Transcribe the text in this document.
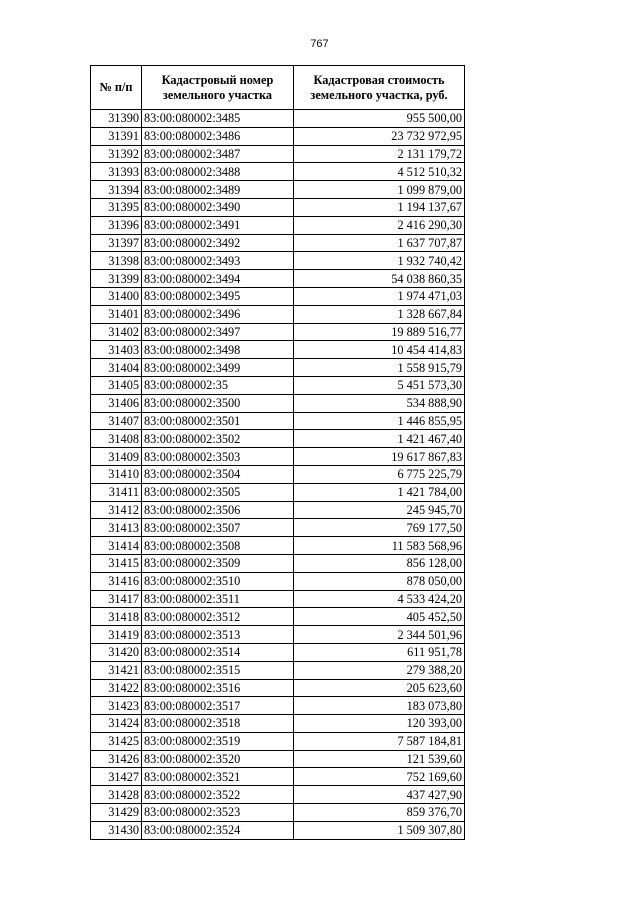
767
№ п/п	Кадастровый номер земельного участка	Кадастровая стоимость земельного участка, руб.
31390	83:00:080002:3485	955 500,00
31391	83:00:080002:3486	23 732 972,95
31392	83:00:080002:3487	2 131 179,72
31393	83:00:080002:3488	4 512 510,32
31394	83:00:080002:3489	1 099 879,00
31395	83:00:080002:3490	1 194 137,67
31396	83:00:080002:3491	2 416 290,30
31397	83:00:080002:3492	1 637 707,87
31398	83:00:080002:3493	1 932 740,42
31399	83:00:080002:3494	54 038 860,35
31400	83:00:080002:3495	1 974 471,03
31401	83:00:080002:3496	1 328 667,84
31402	83:00:080002:3497	19 889 516,77
31403	83:00:080002:3498	10 454 414,83
31404	83:00:080002:3499	1 558 915,79
31405	83:00:080002:35	5 451 573,30
31406	83:00:080002:3500	534 888,90
31407	83:00:080002:3501	1 446 855,95
31408	83:00:080002:3502	1 421 467,40
31409	83:00:080002:3503	19 617 867,83
31410	83:00:080002:3504	6 775 225,79
31411	83:00:080002:3505	1 421 784,00
31412	83:00:080002:3506	245 945,70
31413	83:00:080002:3507	769 177,50
31414	83:00:080002:3508	11 583 568,96
31415	83:00:080002:3509	856 128,00
31416	83:00:080002:3510	878 050,00
31417	83:00:080002:3511	4 533 424,20
31418	83:00:080002:3512	405 452,50
31419	83:00:080002:3513	2 344 501,96
31420	83:00:080002:3514	611 951,78
31421	83:00:080002:3515	279 388,20
31422	83:00:080002:3516	205 623,60
31423	83:00:080002:3517	183 073,80
31424	83:00:080002:3518	120 393,00
31425	83:00:080002:3519	7 587 184,81
31426	83:00:080002:3520	121 539,60
31427	83:00:080002:3521	752 169,60
31428	83:00:080002:3522	437 427,90
31429	83:00:080002:3523	859 376,70
31430	83:00:080002:3524	1 509 307,80
